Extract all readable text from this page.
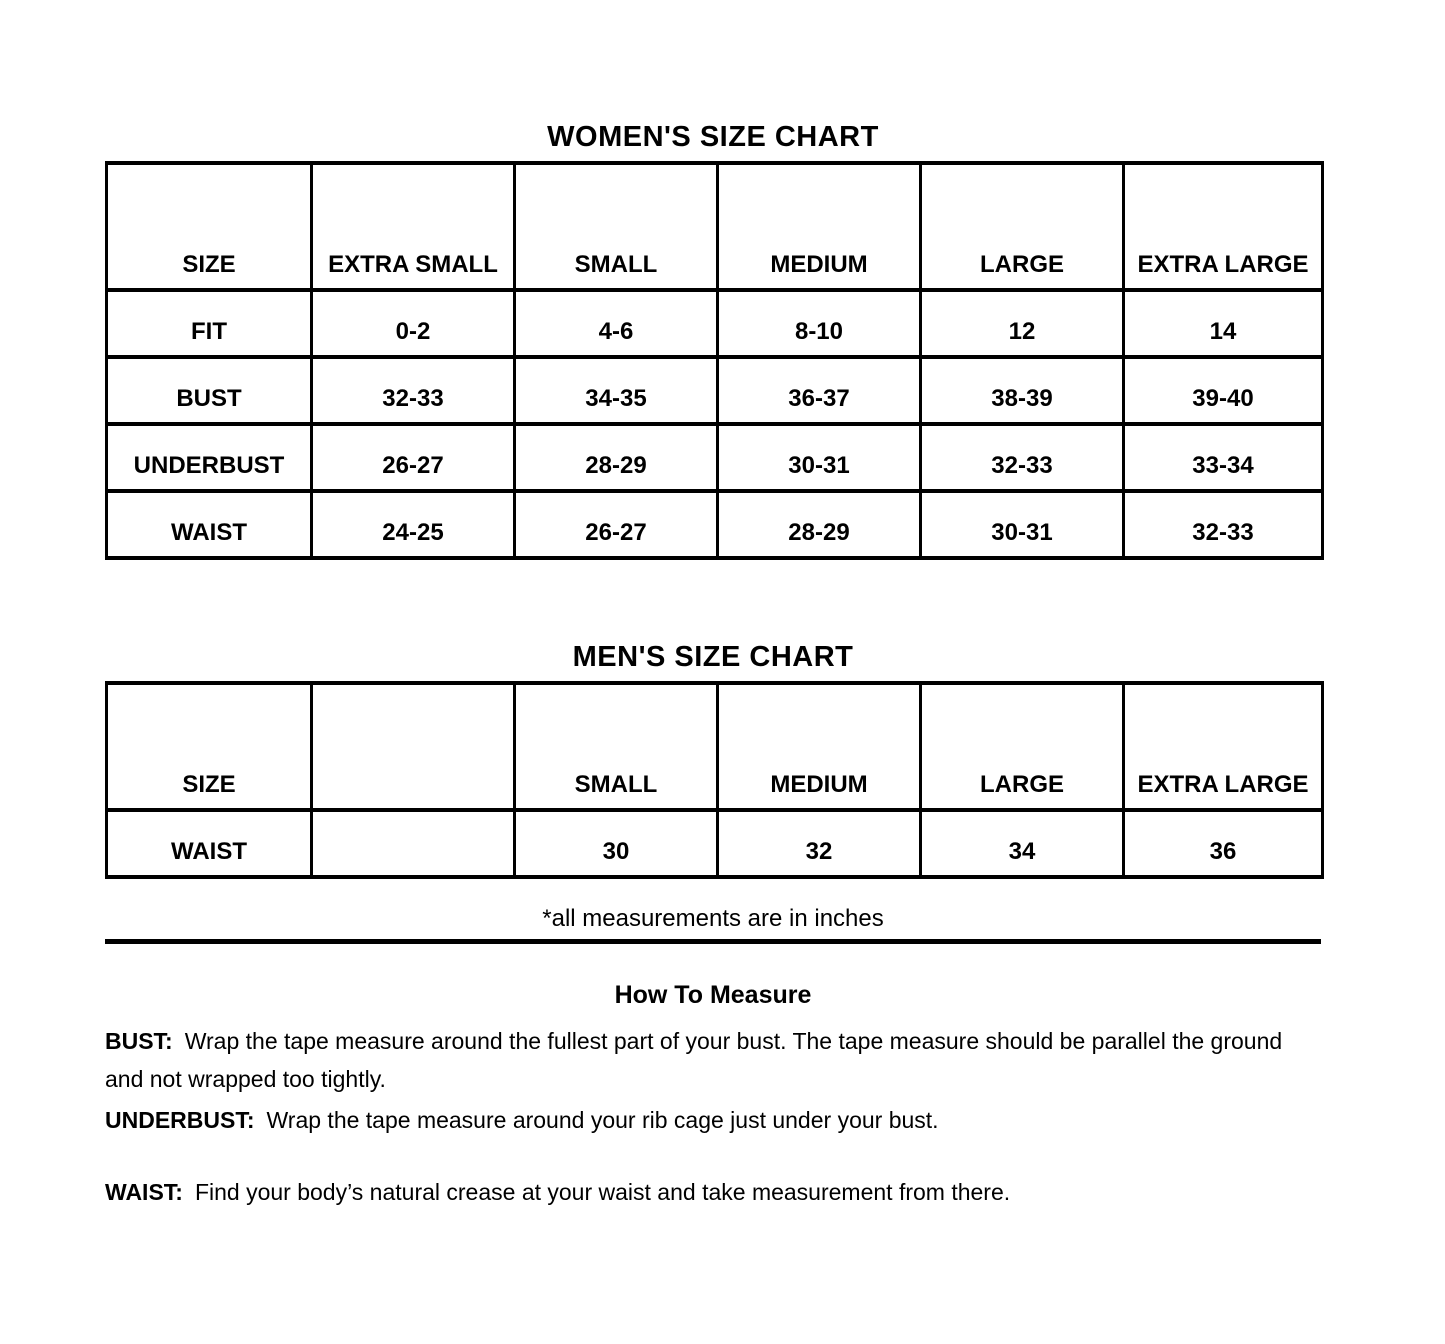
WOMEN'S SIZE CHART
SIZE	EXTRA SMALL	SMALL	MEDIUM	LARGE	EXTRA LARGE
FIT	0-2	4-6	8-10	12	14
BUST	32-33	34-35	36-37	38-39	39-40
UNDERBUST	26-27	28-29	30-31	32-33	33-34
WAIST	24-25	26-27	28-29	30-31	32-33
MEN'S SIZE CHART
SIZE		SMALL	MEDIUM	LARGE	EXTRA LARGE
WAIST		30	32	34	36
*all measurements are in inches
How To Measure

BUST: Wrap the tape measure around the fullest part of your bust. The tape measure should be parallel the ground
and not wrapped too tightly.

UNDERBUST: Wrap the tape measure around your rib cage just under your bust.

WAIST: Find your body’s natural crease at your waist and take measurement from there.
